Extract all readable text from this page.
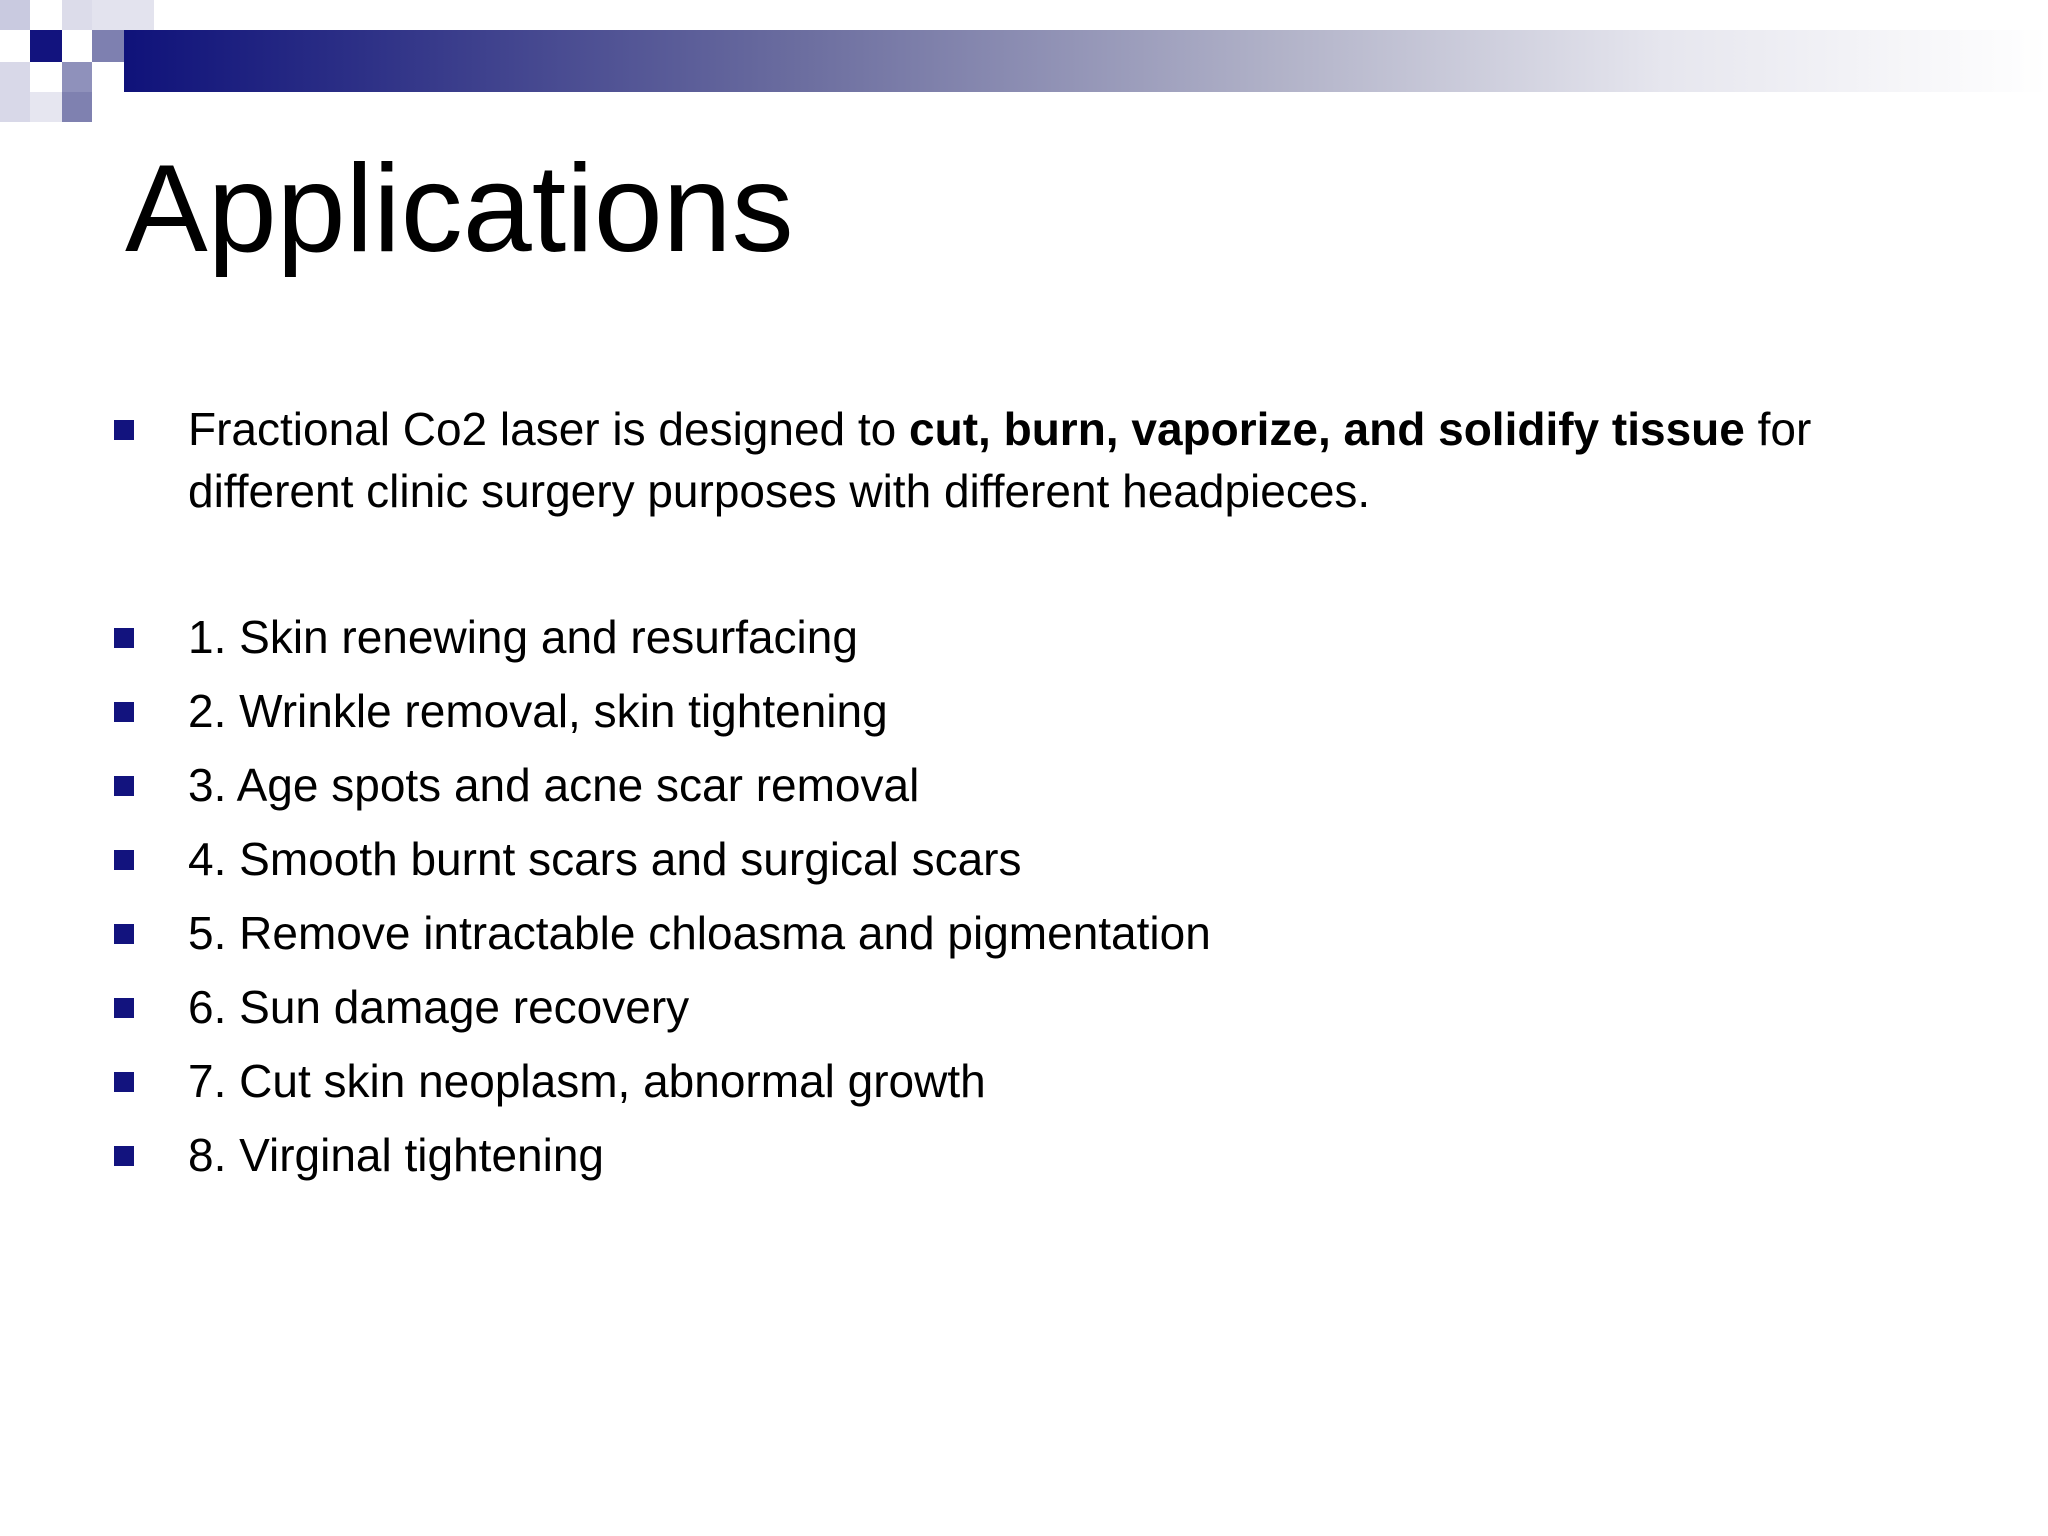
Applications
Fractional Co2 laser is designed to cut, burn, vaporize, and solidify tissue for different clinic surgery purposes with different headpieces.
1. Skin renewing and resurfacing
2. Wrinkle removal, skin tightening
3. Age spots and acne scar removal
4. Smooth burnt scars and surgical scars
5. Remove intractable chloasma and pigmentation
6. Sun damage recovery
7. Cut skin neoplasm, abnormal growth
8. Virginal tightening
